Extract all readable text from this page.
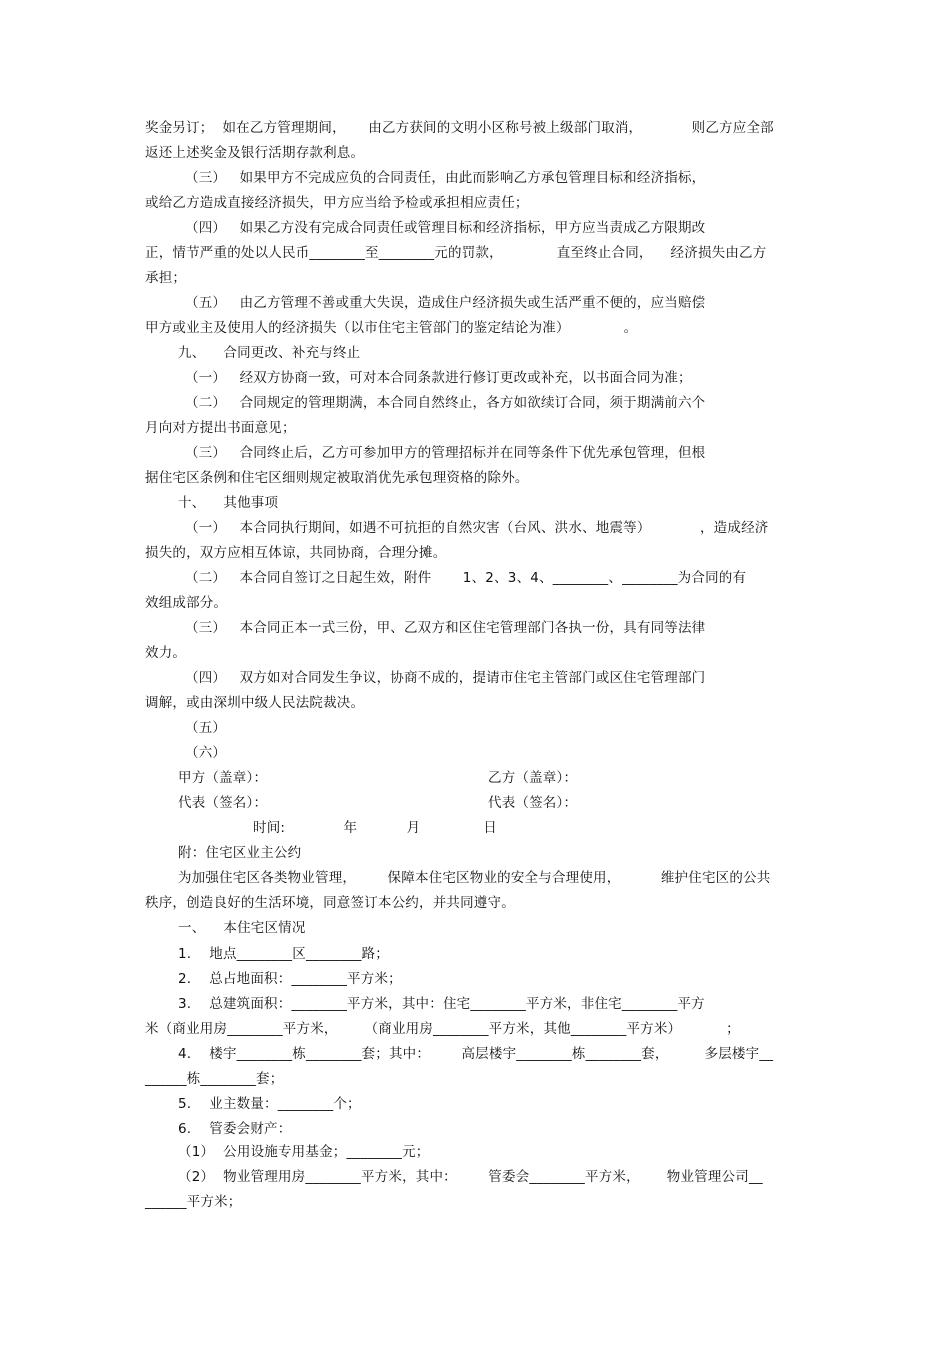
奖金另订；  如在乙方管理期间，     由乙方获间的文明小区称号被上级部门取消，           则乙方应全部
返还上述奖金及银行活期存款利息。
（三）   如果甲方不完成应负的合同责任，由此而影响乙方承包管理目标和经济指标，
或给乙方造成直接经济损失，甲方应当给予检或承担相应责任；
（四）   如果乙方没有完成合同责任或管理目标和经济指标，甲方应当责成乙方限期改
正，情节严重的处以人民币________至________元的罚款，            直至终止合同，    经济损失由乙方
承担；
（五）   由乙方管理不善或重大失误，造成住户经济损失或生活严重不便的，应当赔偿
甲方或业主及使用人的经济损失（以市住宅主管部门的鉴定结论为准）            。
九、    合同更改、补充与终止
（一）   经双方协商一致，可对本合同条款进行修订更改或补充，以书面合同为准；
（二）   合同规定的管理期满，本合同自然终止，各方如欲续订合同，须于期满前六个
月向对方提出书面意见；
（三）   合同终止后，乙方可参加甲方的管理招标并在同等条件下优先承包管理，但根
据住宅区条例和住宅区细则规定被取消优先承包理资格的除外。
十、    其他事项
（一）   本合同执行期间，如遇不可抗拒的自然灾害（台风、洪水、地震等）           ，造成经济
损失的，双方应相互体谅，共同协商，合理分摊。
（二）   本合同自签订之日起生效，附件       1、2、3、4、________、________为合同的有
效组成部分。
（三）   本合同正本一式三份，甲、乙双方和区住宅管理部门各执一份，具有同等法律
效力。
（四）   双方如对合同发生争议，协商不成的，提请市住宅主管部门或区住宅管理部门
调解，或由深圳中级人民法院裁决。
（五）
（六）
甲方（盖章）：	乙方（盖章）：
代表（签名）：	代表（签名）：
时间:             年           月              日
附：住宅区业主公约
为加强住宅区各类物业管理，       保障本住宅区物业的安全与合理使用，         维护住宅区的公共
秩序，创造良好的生活环境，同意签订本公约，并共同遵守。
一、    本住宅区情况
1.    地点________区________路；
2.    总占地面积：________平方米；
3.    总建筑面积：________平方米，其中：住宅________平方米，非住宅________平方
米（商业用房________平方米，      （商业用房________平方米，其他________平方米）          ；
4.    楼宇________栋________套；其中：       高层楼宇________栋________套，        多层楼宇__
______栋________套；
5.    业主数量：________个；
6.    管委会财产：
（1）  公用设施专用基金；________元；
（2）  物业管理用房________平方米，其中：       管委会________平方米，      物业管理公司__
______平方米；
